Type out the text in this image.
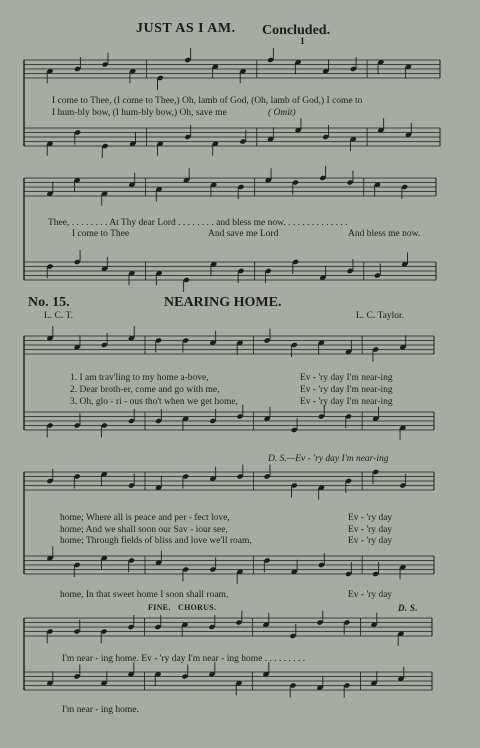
JUST AS I AM. Concluded.
1
I come to Thee, (I come to Thee,) Oh, lamb of God, (Oh, lamb of God,) I come to
I hum-bly bow, (I hum-bly bow,) Oh, save me	( Omit)
Thee, . . . . . . . . At Thy dear Lord . . . . . . . . and bless me now. . . . . . . . . . . . . .
I come to Thee	And save me Lord	And bless me now.
No. 15.	NEARING HOME.
L. C. T.	L. C. Taylor.
1. I am trav'ling to my home a-bove,
2. Dear broth-er, come and go with me,
3. Oh, glo - ri - ous tho't when we get home,
Ev - 'ry day I'm near-ing
Ev - 'ry day I'm near-ing
Ev - 'ry day I'm near-ing
D. S.—Ev - 'ry day I'm near-ing
home; Where all is peace and per - fect love,
home; And we shall soon our Sav - iour see,
home; Through fields of bliss and love we'll roam,
Ev - 'ry day
Ev - 'ry day
Ev - 'ry day
home, In that sweet home I soon shall roam,	Ev - 'ry day
FINE. CHORUS.	D. S.
I'm near - ing home. Ev - 'ry day I'm near - ing home . . . . . . . . .
I'm near - ing home.
